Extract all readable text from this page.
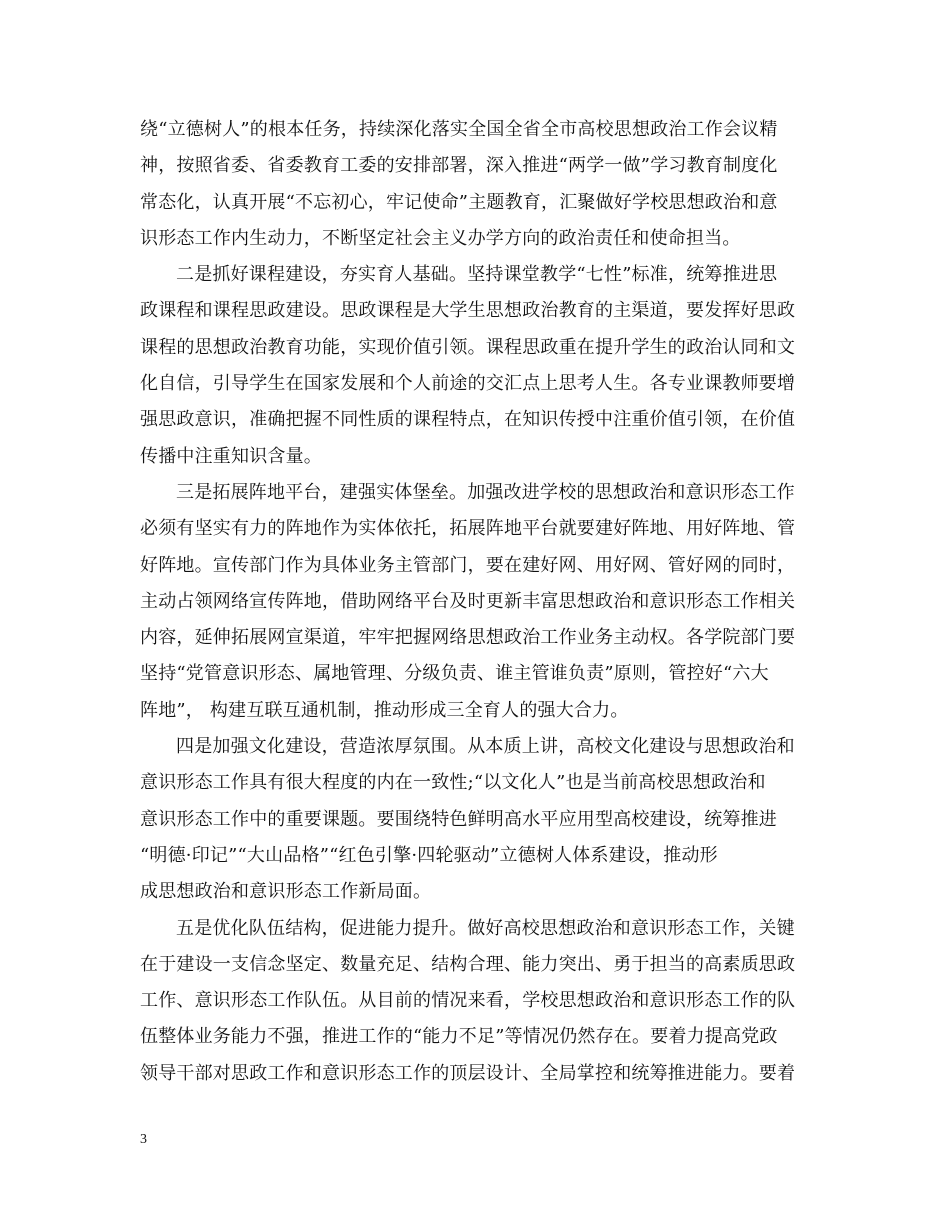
绕“立德树人”的根本任务，持续深化落实全国全省全市高校思想政治工作会议精
神，按照省委、省委教育工委的安排部署，深入推进“两学一做”学习教育制度化
常态化，认真开展“不忘初心，牢记使命”主题教育，汇聚做好学校思想政治和意
识形态工作内生动力，不断坚定社会主义办学方向的政治责任和使命担当。
二是抓好课程建设，夯实育人基础。坚持课堂教学“七性”标准，统筹推进思
政课程和课程思政建设。思政课程是大学生思想政治教育的主渠道，要发挥好思政
课程的思想政治教育功能，实现价值引领。课程思政重在提升学生的政治认同和文
化自信，引导学生在国家发展和个人前途的交汇点上思考人生。各专业课教师要增
强思政意识，准确把握不同性质的课程特点，在知识传授中注重价值引领，在价值
传播中注重知识含量。
三是拓展阵地平台，建强实体堡垒。加强改进学校的思想政治和意识形态工作
必须有坚实有力的阵地作为实体依托，拓展阵地平台就要建好阵地、用好阵地、管
好阵地。宣传部门作为具体业务主管部门，要在建好网、用好网、管好网的同时，
主动占领网络宣传阵地，借助网络平台及时更新丰富思想政治和意识形态工作相关
内容，延伸拓展网宣渠道，牢牢把握网络思想政治工作业务主动权。各学院部门要
坚持“党管意识形态、属地管理、分级负责、谁主管谁负责”原则，管控好“六大
阵地”， 构建互联互通机制，推动形成三全育人的强大合力。
四是加强文化建设，营造浓厚氛围。从本质上讲，高校文化建设与思想政治和
意识形态工作具有很大程度的内在一致性;“以文化人”也是当前高校思想政治和
意识形态工作中的重要课题。要围绕特色鲜明高水平应用型高校建设，统筹推进
“明德·印记”“大山品格”“红色引擎·四轮驱动”立德树人体系建设，推动形
成思想政治和意识形态工作新局面。
五是优化队伍结构，促进能力提升。做好高校思想政治和意识形态工作，关键
在于建设一支信念坚定、数量充足、结构合理、能力突出、勇于担当的高素质思政
工作、意识形态工作队伍。从目前的情况来看，学校思想政治和意识形态工作的队
伍整体业务能力不强，推进工作的“能力不足”等情况仍然存在。要着力提高党政
领导干部对思政工作和意识形态工作的顶层设计、全局掌控和统筹推进能力。要着
3
